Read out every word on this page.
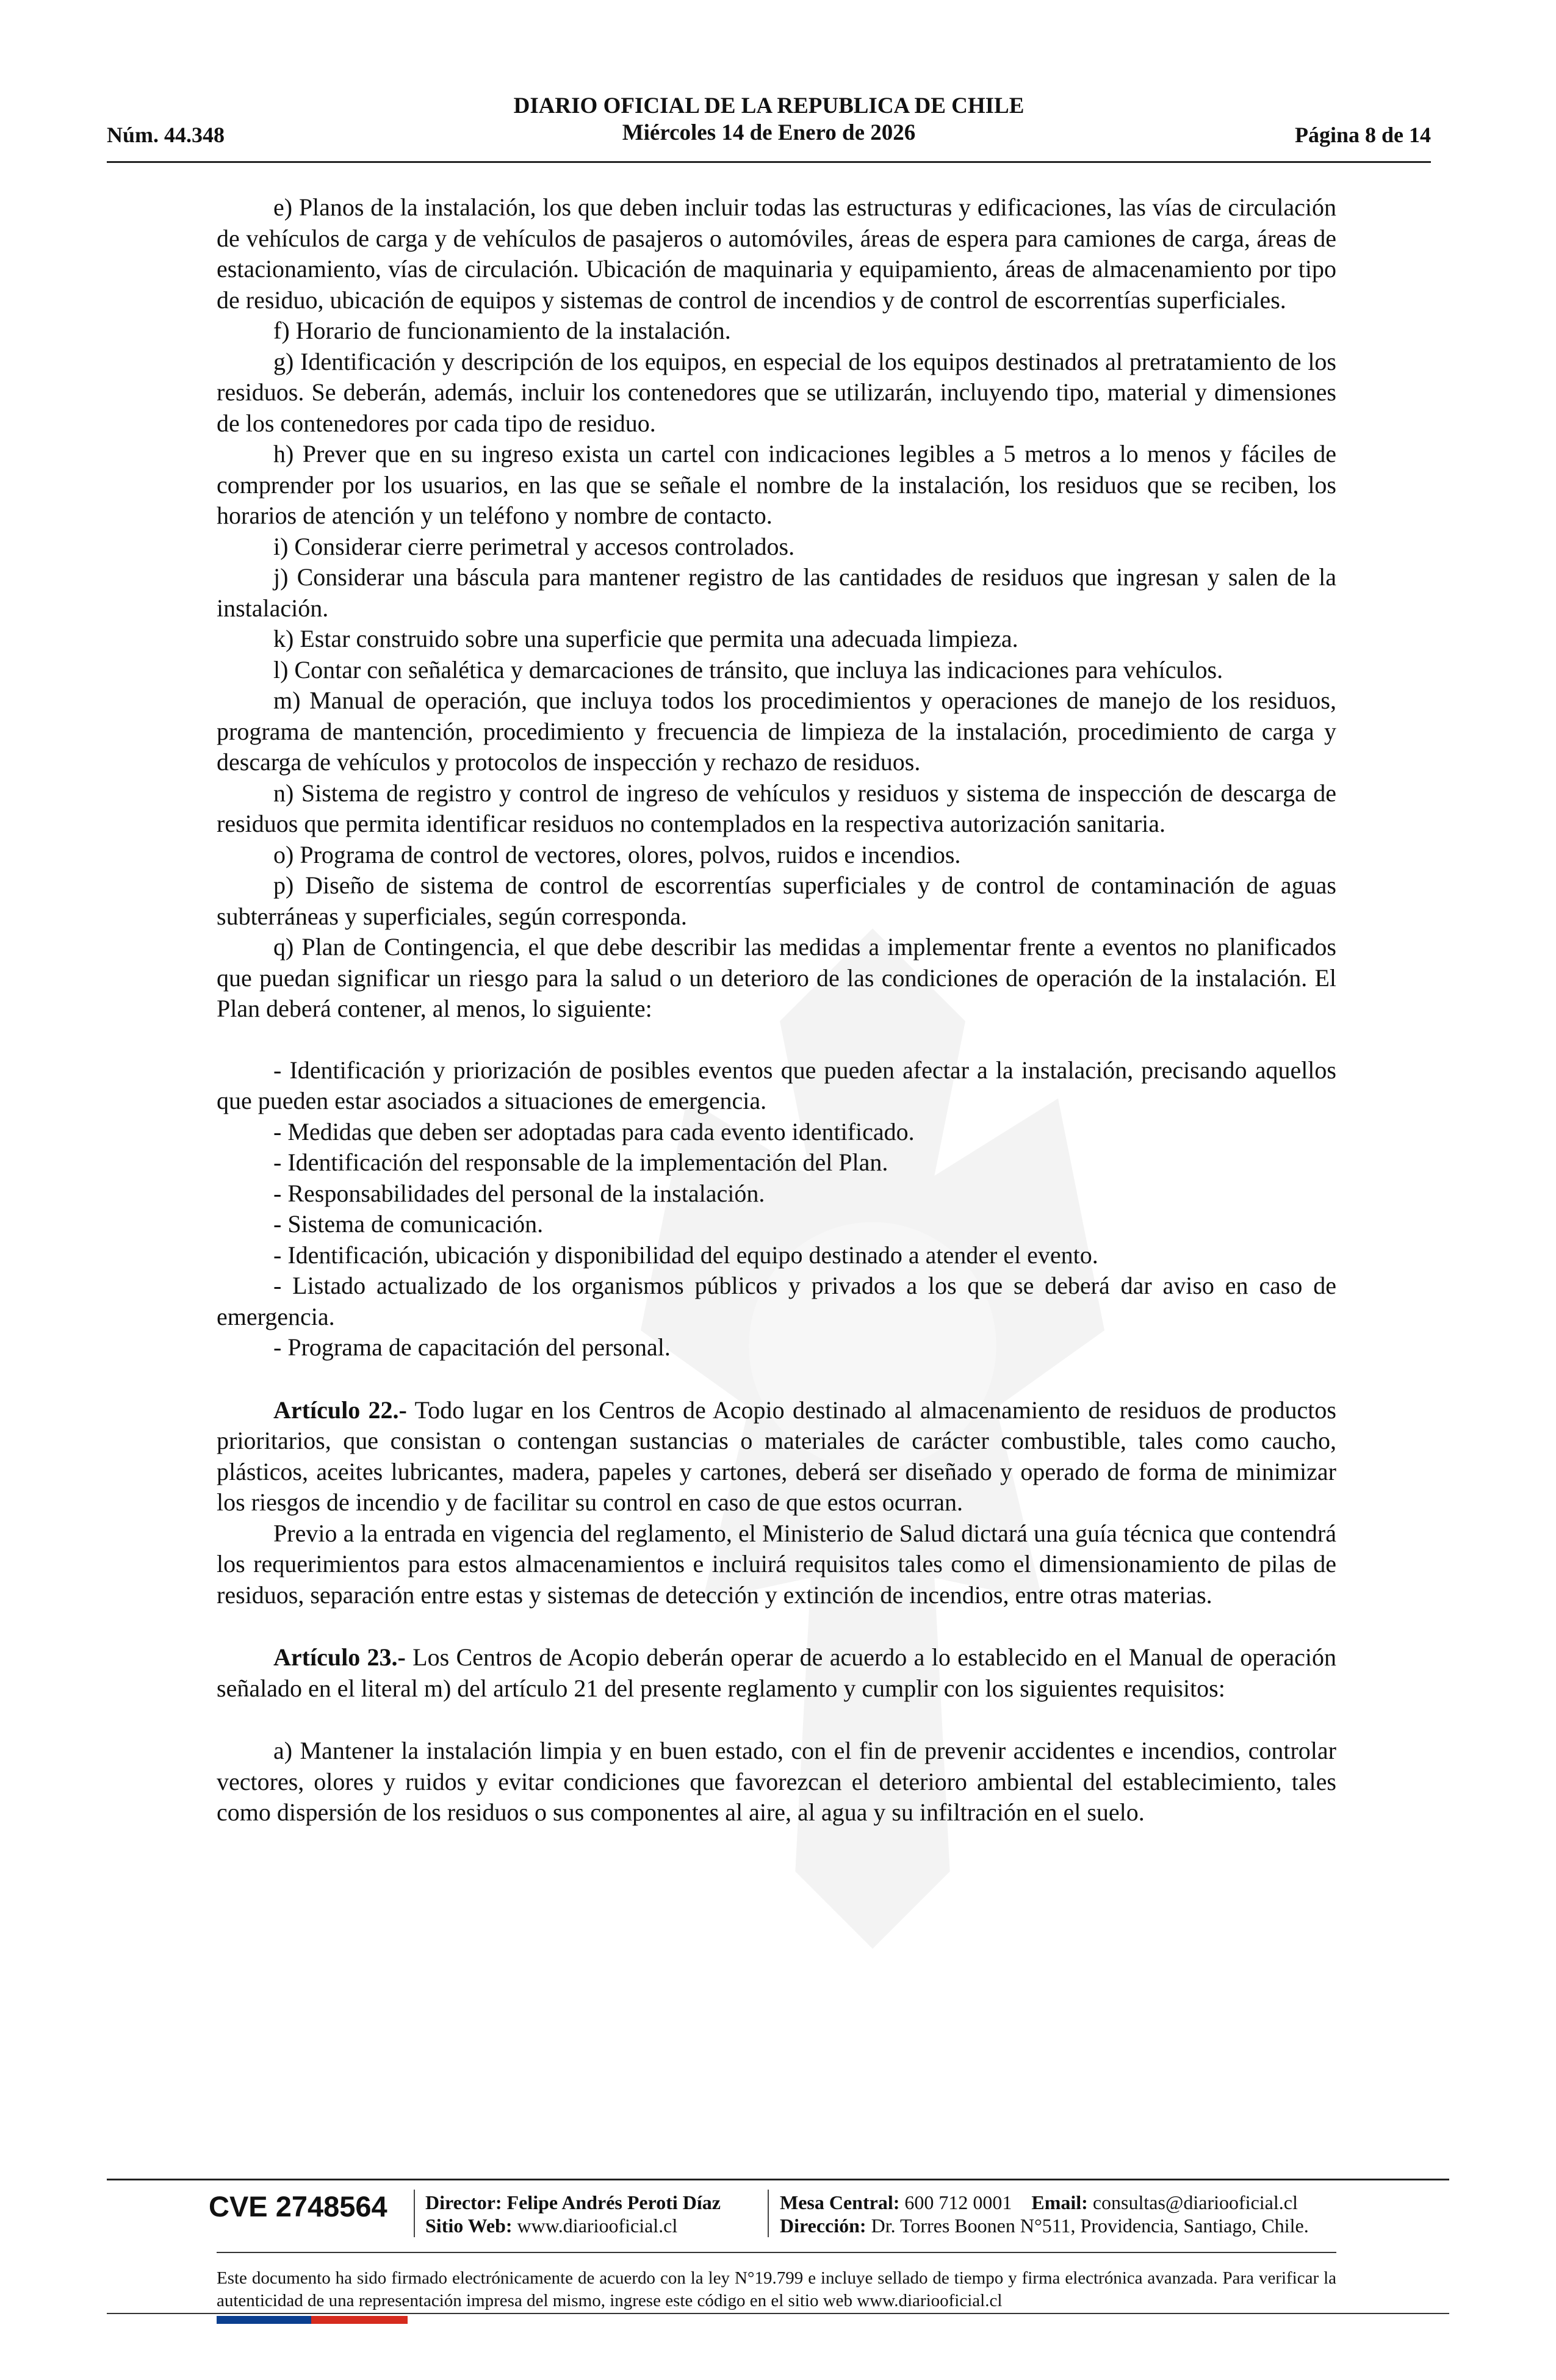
DIARIO OFICIAL DE LA REPUBLICA DE CHILE
Miércoles 14 de Enero de 2026
Núm. 44.348	Página 8 de 14

e) Planos de la instalación, los que deben incluir todas las estructuras y edificaciones, las vías de circulación de vehículos de carga y de vehículos de pasajeros o automóviles, áreas de espera para camiones de carga, áreas de estacionamiento, vías de circulación. Ubicación de maquinaria y equipamiento, áreas de almacenamiento por tipo de residuo, ubicación de equipos y sistemas de control de incendios y de control de escorrentías superficiales.

f) Horario de funcionamiento de la instalación.

g) Identificación y descripción de los equipos, en especial de los equipos destinados al pretratamiento de los residuos. Se deberán, además, incluir los contenedores que se utilizarán, incluyendo tipo, material y dimensiones de los contenedores por cada tipo de residuo.

h) Prever que en su ingreso exista un cartel con indicaciones legibles a 5 metros a lo menos y fáciles de comprender por los usuarios, en las que se señale el nombre de la instalación, los residuos que se reciben, los horarios de atención y un teléfono y nombre de contacto.

i) Considerar cierre perimetral y accesos controlados.

j) Considerar una báscula para mantener registro de las cantidades de residuos que ingresan y salen de la instalación.

k) Estar construido sobre una superficie que permita una adecuada limpieza.

l) Contar con señalética y demarcaciones de tránsito, que incluya las indicaciones para vehículos.

m) Manual de operación, que incluya todos los procedimientos y operaciones de manejo de los residuos, programa de mantención, procedimiento y frecuencia de limpieza de la instalación, procedimiento de carga y descarga de vehículos y protocolos de inspección y rechazo de residuos.

n) Sistema de registro y control de ingreso de vehículos y residuos y sistema de inspección de descarga de residuos que permita identificar residuos no contemplados en la respectiva autorización sanitaria.

o) Programa de control de vectores, olores, polvos, ruidos e incendios.

p) Diseño de sistema de control de escorrentías superficiales y de control de contaminación de aguas subterráneas y superficiales, según corresponda.

q) Plan de Contingencia, el que debe describir las medidas a implementar frente a eventos no planificados que puedan significar un riesgo para la salud o un deterioro de las condiciones de operación de la instalación. El Plan deberá contener, al menos, lo siguiente:

- Identificación y priorización de posibles eventos que pueden afectar a la instalación, precisando aquellos que pueden estar asociados a situaciones de emergencia.

- Medidas que deben ser adoptadas para cada evento identificado.

- Identificación del responsable de la implementación del Plan.

- Responsabilidades del personal de la instalación.

- Sistema de comunicación.

- Identificación, ubicación y disponibilidad del equipo destinado a atender el evento.

- Listado actualizado de los organismos públicos y privados a los que se deberá dar aviso en caso de emergencia.

- Programa de capacitación del personal.

Artículo 22.- Todo lugar en los Centros de Acopio destinado al almacenamiento de residuos de productos prioritarios, que consistan o contengan sustancias o materiales de carácter combustible, tales como caucho, plásticos, aceites lubricantes, madera, papeles y cartones, deberá ser diseñado y operado de forma de minimizar los riesgos de incendio y de facilitar su control en caso de que estos ocurran.

Previo a la entrada en vigencia del reglamento, el Ministerio de Salud dictará una guía técnica que contendrá los requerimientos para estos almacenamientos e incluirá requisitos tales como el dimensionamiento de pilas de residuos, separación entre estas y sistemas de detección y extinción de incendios, entre otras materias.

Artículo 23.- Los Centros de Acopio deberán operar de acuerdo a lo establecido en el Manual de operación señalado en el literal m) del artículo 21 del presente reglamento y cumplir con los siguientes requisitos:

a) Mantener la instalación limpia y en buen estado, con el fin de prevenir accidentes e incendios, controlar vectores, olores y ruidos y evitar condiciones que favorezcan el deterioro ambiental del establecimiento, tales como dispersión de los residuos o sus componentes al aire, al agua y su infiltración en el suelo.

CVE 2748564 Director: Felipe Andrés Peroti Díaz
Sitio Web: www.diariooficial.cl
Mesa Central: 600 712 0001 Email: consultas@diariooficial.cl
Dirección: Dr. Torres Boonen N°511, Providencia, Santiago, Chile.
Este documento ha sido firmado electrónicamente de acuerdo con la ley N°19.799 e incluye sellado de tiempo y firma electrónica avanzada. Para verificar la autenticidad de una representación impresa del mismo, ingrese este código en el sitio web www.diariooficial.cl
